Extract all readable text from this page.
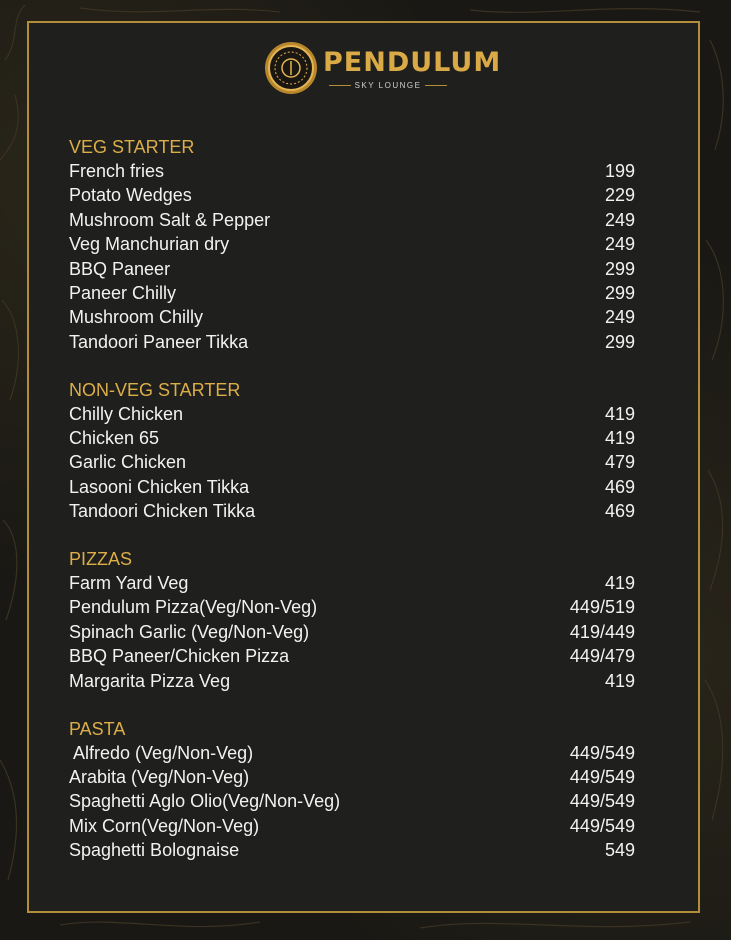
PENDULUM
SKY LOUNGE
VEG STARTER
French fries	199
Potato Wedges	229
Mushroom Salt & Pepper	249
Veg Manchurian dry	249
BBQ Paneer	299
Paneer Chilly	299
Mushroom Chilly	249
Tandoori Paneer Tikka	299
NON-VEG STARTER
Chilly Chicken	419
Chicken 65	419
Garlic Chicken	479
Lasooni Chicken Tikka	469
Tandoori Chicken Tikka	469
PIZZAS
Farm Yard Veg	419
Pendulum Pizza(Veg/Non-Veg)	449/519
Spinach Garlic (Veg/Non-Veg)	419/449
BBQ Paneer/Chicken Pizza	449/479
Margarita Pizza Veg	419
PASTA
Alfredo (Veg/Non-Veg)	449/549
Arabita (Veg/Non-Veg)	449/549
Spaghetti Aglo Olio(Veg/Non-Veg)	449/549
Mix Corn(Veg/Non-Veg)	449/549
Spaghetti Bolognaise	549
